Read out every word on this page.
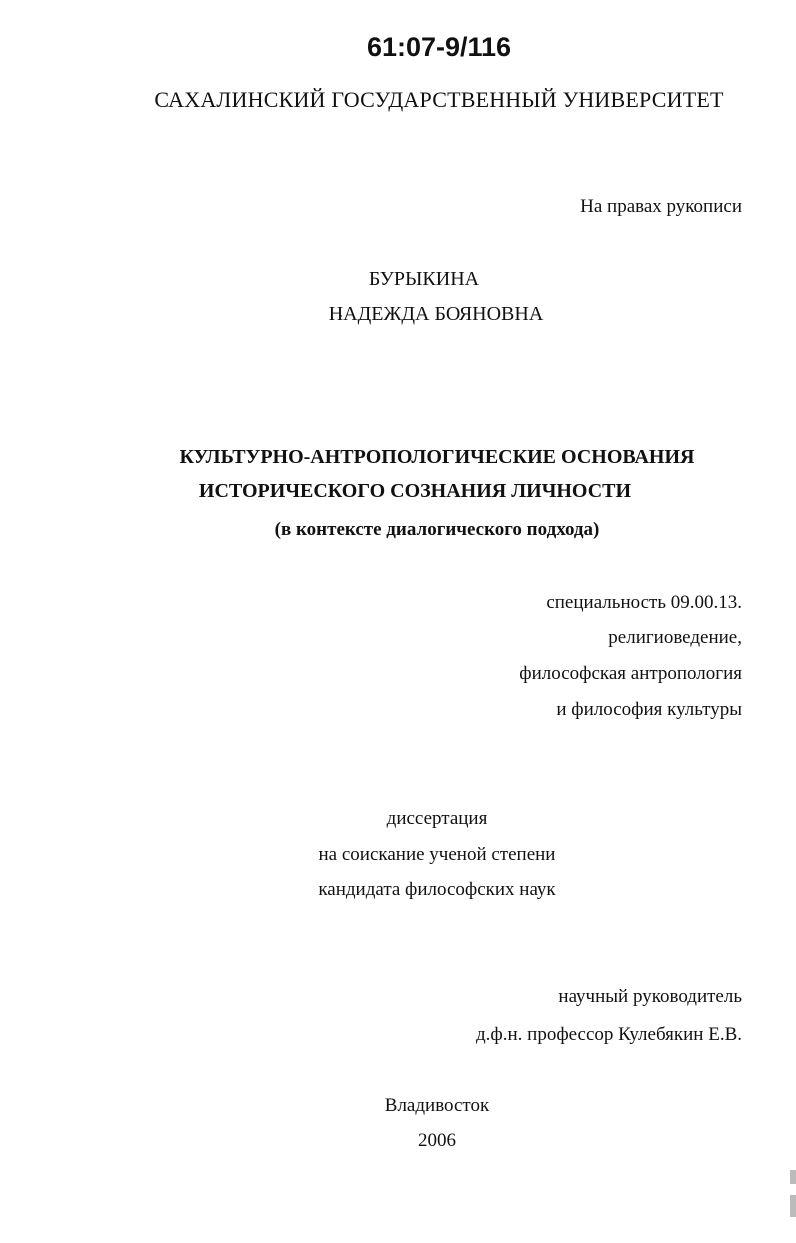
61:07-9/116
САХАЛИНСКИЙ ГОСУДАРСТВЕННЫЙ УНИВЕРСИТЕТ
На правах рукописи
БУРЫКИНА
НАДЕЖДА БОЯНОВНА
КУЛЬТУРНО-АНТРОПОЛОГИЧЕСКИЕ ОСНОВАНИЯ
ИСТОРИЧЕСКОГО СОЗНАНИЯ ЛИЧНОСТИ
(в контексте диалогического подхода)
специальность 09.00.13.
религиоведение,
философская антропология
и философия культуры
диссертация
на соискание ученой степени
кандидата философских наук
научный руководитель
д.ф.н. профессор Кулебякин Е.В.
Владивосток
2006
